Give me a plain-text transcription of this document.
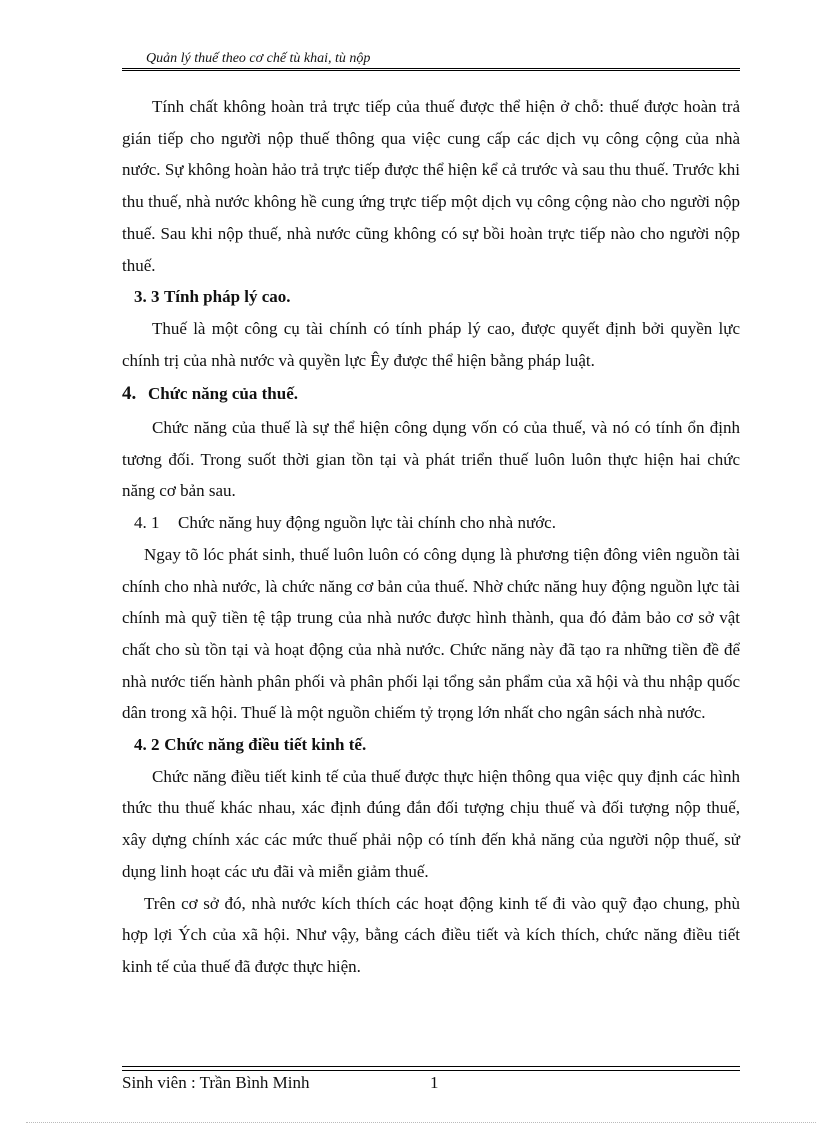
Quản lý thuế theo cơ chế tù khai, tù nộp

Tính chất không hoàn trả trực tiếp của thuế được thể hiện ở chỗ: thuế được hoàn trả gián tiếp cho người nộp thuế thông qua việc cung cấp các dịch vụ công cộng của nhà nước. Sự không hoàn hảo trả trực tiếp được thể hiện kể cả trước và sau thu thuế. Trước khi thu thuế, nhà nước không hề cung ứng trực tiếp một dịch vụ công cộng nào cho người nộp thuế. Sau khi nộp thuế, nhà nước cũng không có sự bồi hoàn trực tiếp nào cho người nộp thuế.

3. 3 Tính pháp lý cao.

Thuế là một công cụ tài chính có tính pháp lý cao, được quyết định bởi quyền lực chính trị của nhà nước và quyền lực Êy được thể hiện bằng pháp luật.

4. Chức năng của thuế.

Chức năng của thuế là sự thể hiện công dụng vốn có của thuế, và nó có tính ổn định tương đối. Trong suốt thời gian tồn tại và phát triển thuế luôn luôn thực hiện hai chức năng cơ bản sau.

4. 1 Chức năng huy động nguồn lực tài chính cho nhà nước.

Ngay tõ lóc phát sinh, thuế luôn luôn có công dụng là phương tiện đông viên nguồn tài chính cho nhà nước, là chức năng cơ bản của thuế. Nhờ chức năng huy động nguồn lực tài chính mà quỹ tiền tệ tập trung của nhà nước được hình thành, qua đó đảm bảo cơ sở vật chất cho sù tồn tại và hoạt động của nhà nước. Chức năng này đã tạo ra những tiền đề để nhà nước tiến hành phân phối và phân phối lại tổng sản phẩm của xã hội và thu nhập quốc dân trong xã hội. Thuế là một nguồn chiếm tỷ trọng lớn nhất cho ngân sách nhà nước.

4. 2 Chức năng điều tiết kinh tế.

Chức năng điều tiết kinh tế của thuế được thực hiện thông qua việc quy định các hình thức thu thuế khác nhau, xác định đúng đắn đối tượng chịu thuế và đối tượng nộp thuế, xây dựng chính xác các mức thuế phải nộp có tính đến khả năng của người nộp thuế, sử dụng linh hoạt các ưu đãi và miễn giảm thuế.

Trên cơ sở đó, nhà nước kích thích các hoạt động kinh tế đi vào quỹ đạo chung, phù hợp lợi Ých của xã hội. Như vậy, bằng cách điều tiết và kích thích, chức năng điều tiết kinh tế của thuế đã được thực hiện.

Sinh viên : Trần Bình Minh	1
